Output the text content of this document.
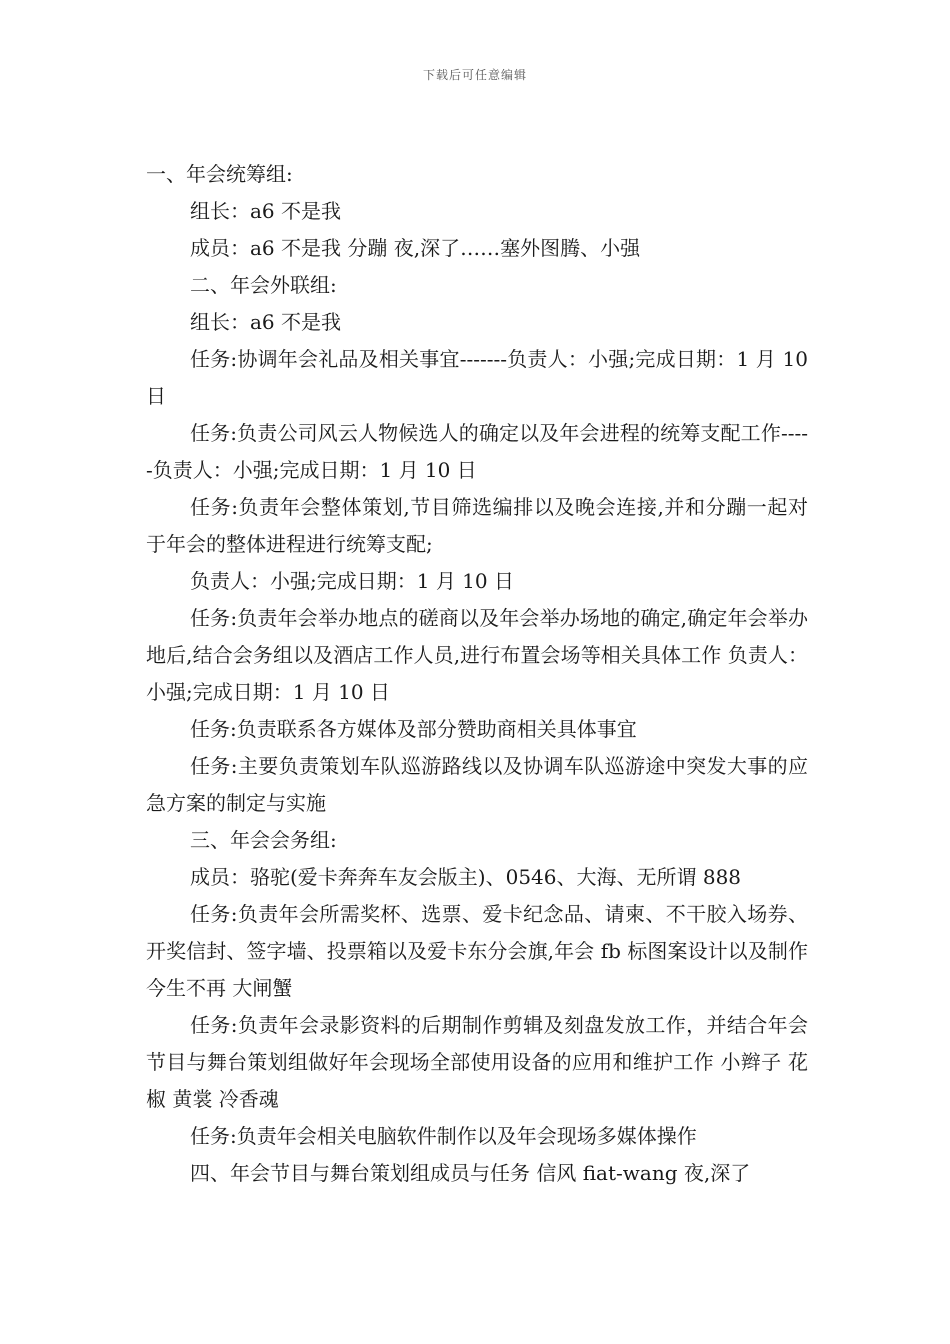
下载后可任意编辑

一、年会统筹组:

组长：a6 不是我

成员：a6 不是我 分蹦 夜,深了……塞外图腾、小强

二、年会外联组:

组长：a6 不是我

任务:协调年会礼品及相关事宜-------负责人：小强;完成日期：1 月 10 日

任务:负责公司风云人物候选人的确定以及年会进程的统筹支配工作-----负责人：小强;完成日期：1 月 10 日

任务:负责年会整体策划,节目筛选编排以及晚会连接,并和分蹦一起对于年会的整体进程进行统筹支配;

负责人：小强;完成日期：1 月 10 日

任务:负责年会举办地点的磋商以及年会举办场地的确定,确定年会举办地后,结合会务组以及酒店工作人员,进行布置会场等相关具体工作 负责人：小强;完成日期：1 月 10 日

任务:负责联系各方媒体及部分赞助商相关具体事宜

任务:主要负责策划车队巡游路线以及协调车队巡游途中突发大事的应急方案的制定与实施

三、年会会务组:

成员：骆驼(爱卡奔奔车友会版主)、0546、大海、无所谓 888

任务:负责年会所需奖杯、选票、爱卡纪念品、请柬、不干胶入场券、开奖信封、签字墙、投票箱以及爱卡东分会旗,年会 fb 标图案设计以及制作 今生不再 大闸蟹

任务:负责年会录影资料的后期制作剪辑及刻盘发放工作，并结合年会节目与舞台策划组做好年会现场全部使用设备的应用和维护工作 小辫子 花椒 黄裳 冷香魂

任务:负责年会相关电脑软件制作以及年会现场多媒体操作

四、年会节目与舞台策划组成员与任务 信风 fiat-wang 夜,深了
